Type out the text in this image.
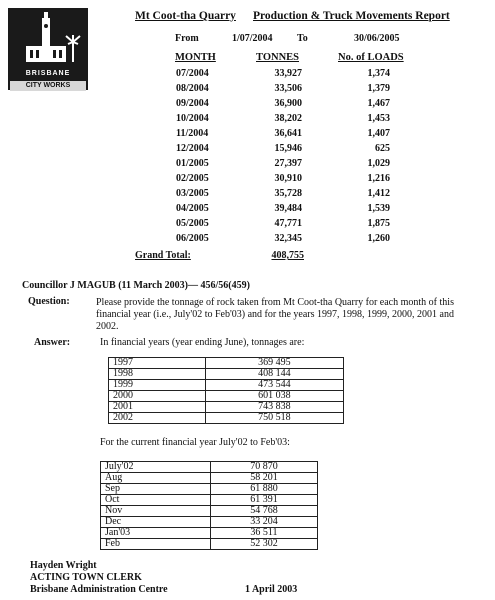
BRISBANE
CITY WORKS
Mt Coot-tha Quarry Production & Truck Movements Report
From	1/07/2004 To	30/06/2005
MONTH	TONNES	No. of LOADS
07/2004	33,927	1,374
08/2004	33,506	1,379
09/2004	36,900	1,467
10/2004	38,202	1,453
11/2004	36,641	1,407
12/2004	15,946	625
01/2005	27,397	1,029
02/2005	30,910	1,216
03/2005	35,728	1,412
04/2005	39,484	1,539
05/2005	47,771	1,875
06/2005	32,345	1,260
Grand Total:	408,755
Councillor J MAGUB (11 March 2003)— 456/56(459)
Question:	Please provide the tonnage of rock taken from Mt Coot-tha Quarry for each month of this financial year (i.e., July'02 to Feb'03) and for the years 1997, 1998, 1999, 2000, 2001 and 2002.
Answer:	In financial years (year ending June), tonnages are:
1997	369 495
1998	408 144
1999	473 544
2000	601 038
2001	743 838
2002	750 518
For the current financial year July'02 to Feb'03:
July'02	70 870
Aug	58 201
Sep	61 880
Oct	61 391
Nov	54 768
Dec	33 204
Jan'03	36 511
Feb	52 302
Hayden Wright
ACTING TOWN CLERK
Brisbane Administration Centre	1 April 2003
